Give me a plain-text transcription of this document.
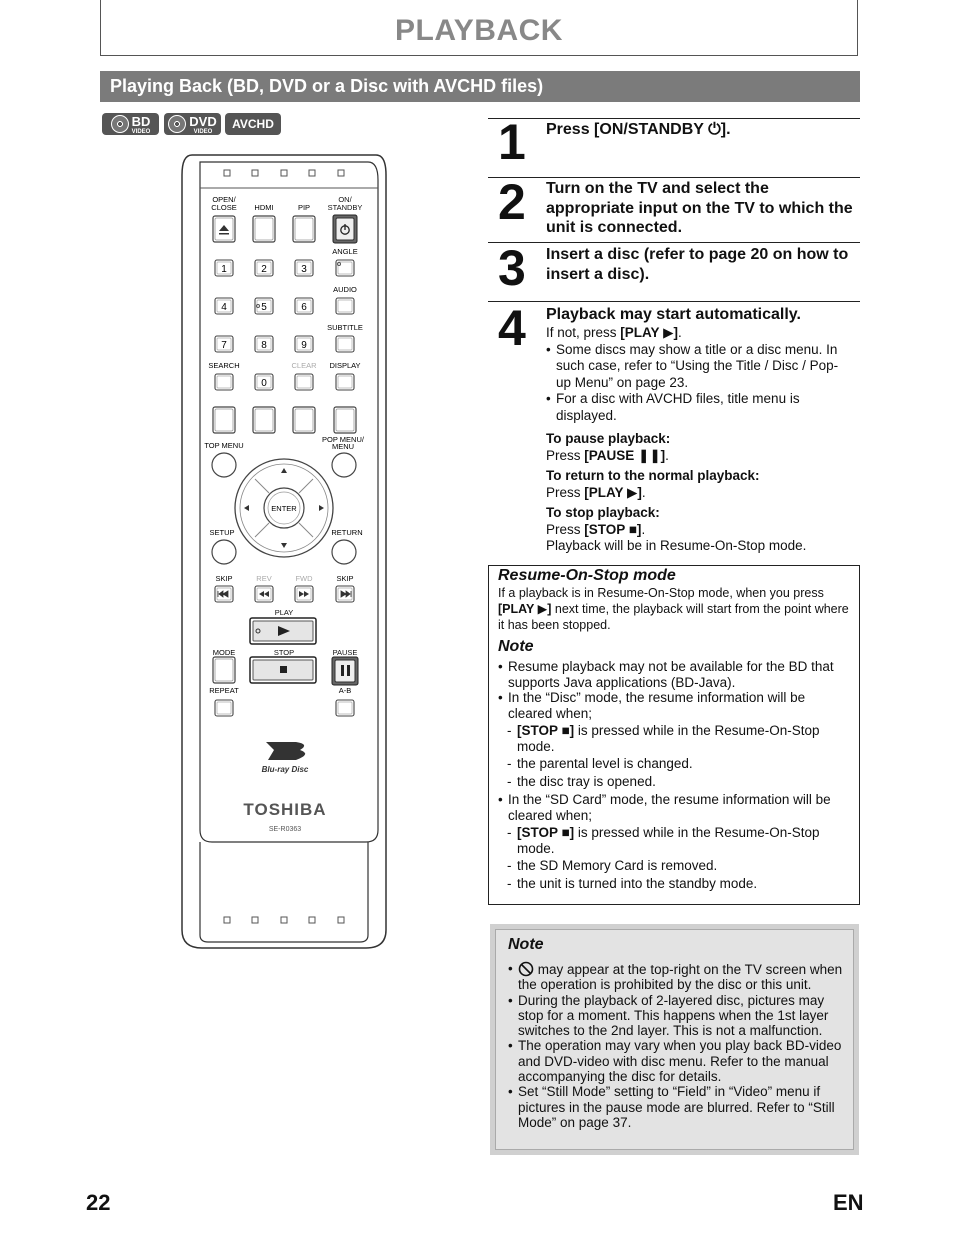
PLAYBACK
Playing Back (BD, DVD or a Disc with AVCHD files)
BD
VIDEO
DVD
VIDEO
AVCHD
OPEN/
CLOSE HDMI	PIP
ON/
STANDBY
ANGLE
1	2	3
AUDIO
4	5	6
SUBTITLE
7	8	9
SEARCH	CLEAR DISPLAY
0
TOP MENU
POP MENU/
MENU
ENTER
SETUP	RETURN
SKIP	REV	FWD	SKIP
PLAY
MODE	STOP	PAUSE
REPEAT	A-B
Blu-ray Disc
TOSHIBA
SE-R0363
1 Press [ON/STANDBY ⏻].
2 Turn on the TV and select the appropriate input on the TV to which the unit is connected.
3 Insert a disc (refer to page 20 on how to insert a disc).
4 Playback may start automatically.
If not, press [PLAY ▶].
• Some discs may show a title or a disc menu. In such case, refer to “Using the Title / Disc / Pop-up Menu” on page 23.
• For a disc with AVCHD files, title menu is displayed.
To pause playback:
Press [PAUSE ❚❚].
To return to the normal playback:
Press [PLAY ▶].
To stop playback:
Press [STOP ■].
Playback will be in Resume-On-Stop mode.
Resume-On-Stop mode
If a playback is in Resume-On-Stop mode, when you press [PLAY ▶] next time, the playback will start from the point where it has been stopped.
Note
• Resume playback may not be available for the BD that supports Java applications (BD-Java).
• In the “Disc” mode, the resume information will be cleared when;
- [STOP ■] is pressed while in the Resume-On-Stop mode.
- the parental level is changed.
- the disc tray is opened.
• In the “SD Card” mode, the resume information will be cleared when;
- [STOP ■] is pressed while in the Resume-On-Stop mode.
- the SD Memory Card is removed.
- the unit is turned into the standby mode.
Note
• may appear at the top-right on the TV screen when the operation is prohibited by the disc or this unit.
• During the playback of 2-layered disc, pictures may stop for a moment. This happens when the 1st layer switches to the 2nd layer. This is not a malfunction.
• The operation may vary when you play back BD-video and DVD-video with disc menu. Refer to the manual accompanying the disc for details.
• Set “Still Mode” setting to “Field” in “Video” menu if pictures in the pause mode are blurred. Refer to “Still Mode” on page 37.
22	EN
